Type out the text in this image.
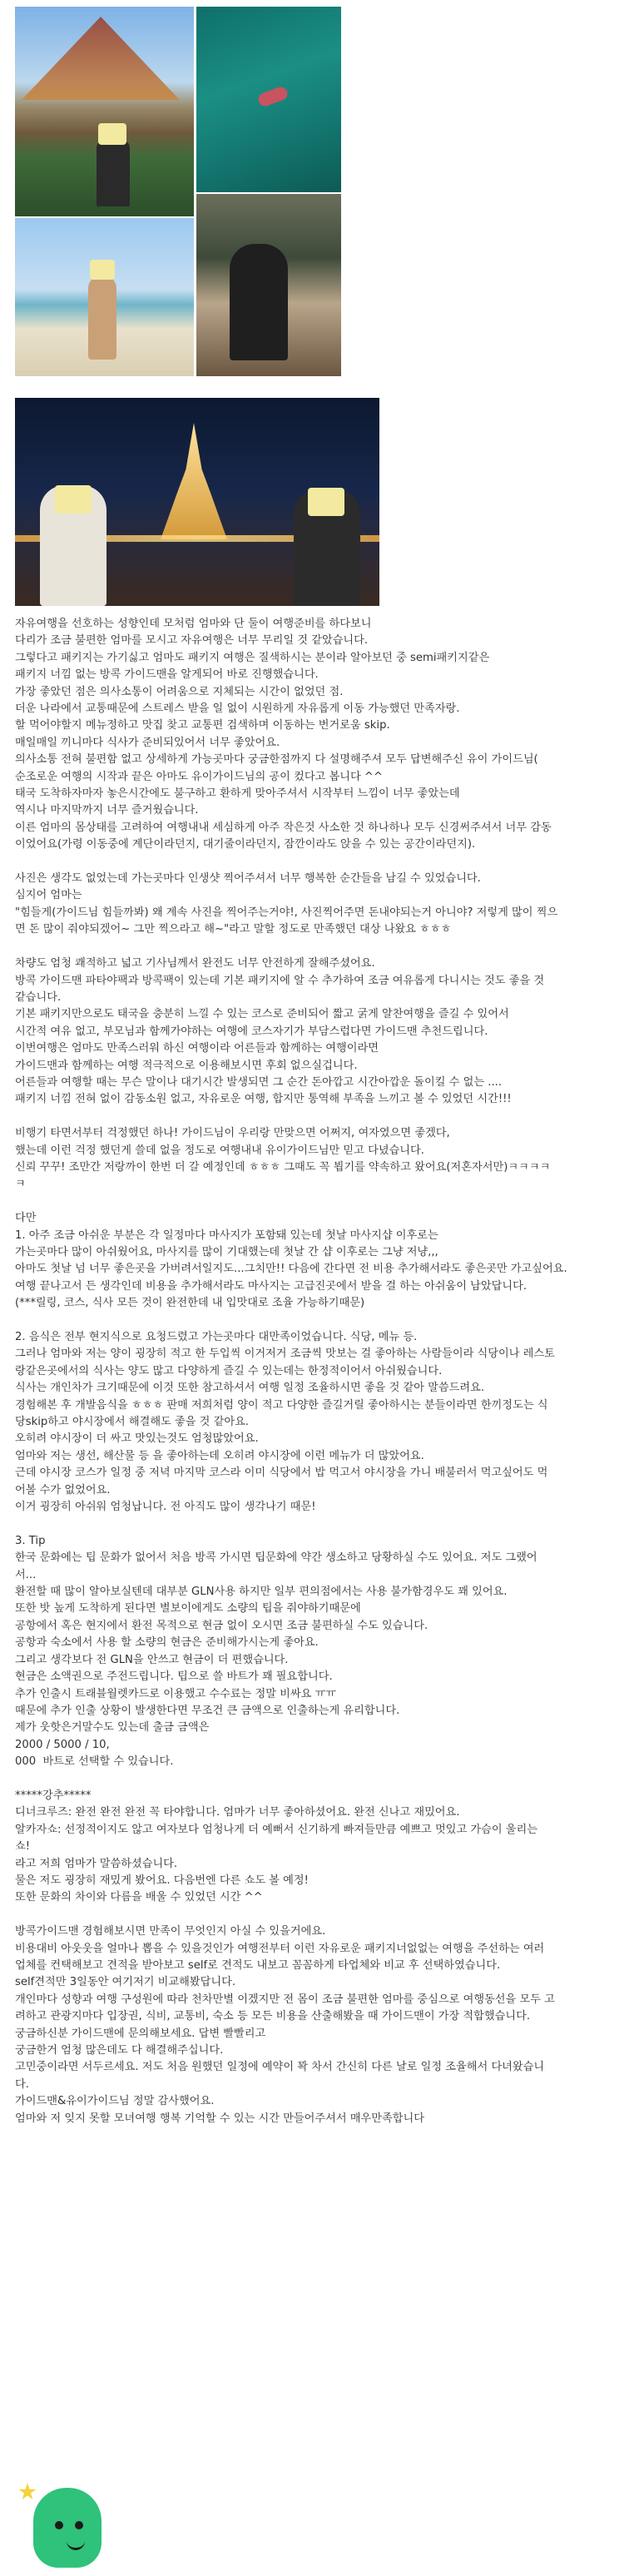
자유여행을 선호하는 성향인데 모처럼 엄마와 단 둘이 여행준비를 하다보니
다리가 조금 불편한 엄마를 모시고 자유여행은 너무 무리일 것 같았습니다.
그렇다고 패키지는 가기싫고 엄마도 패키지 여행은 질색하시는 분이라 알아보던 중 semi패키지같은
패키지 너낌 없는 방콕 가이드맨을 알게되어 바로 진행했습니다.
가장 좋았던 점은 의사소통이 어려움으로 지체되는 시간이 없었던 점.
더운 나라에서 교통때문에 스트레스 받을 일 없이 시원하게 자유롭게 이동 가능했던 만족자랑.
할 먹어야할지 메뉴정하고 맛집 찾고 교통편 검색하며 이동하는 번거로움 skip.
매일매일 끼니마다 식사가 준비되있어서 너무 좋았어요.
의사소통 전혀 불편함 없고 상세하게 가능곳마다 궁금한점까지 다 설명해주셔 모두 답변해주신 유이 가이드님(
순조로운 여행의 시작과 끝은 아마도 유이가이드님의 공이 컸다고 봅니다 ^^
태국 도착하자마자 놓은시간에도 불구하고 환하게 맞아주셔서 시작부터 느낌이 너무 좋았는데
역시나 마지막까지 너무 즐거웠습니다.
이른 엄마의 몸상태를 고려하여 여행내내 세심하게 아주 작은것 사소한 것 하나하나 모두 신경써주셔서 너무 감동
이었어요(가령 이동중에 계단이라던지, 대기줄이라던지, 잠깐이라도 앉을 수 있는 공간이라던지).

사진은 생각도 없었는데 가는곳마다 인생샷 찍어주셔서 너무 행복한 순간들을 남길 수 있었습니다.
심지어 엄마는
"힘들게(가이드님 힘들까봐) 왜 계속 사진을 찍어주는거야!, 사진찍어주면 돈내야되는거 아니야? 저렇게 많이 찍으
면 돈 많이 줘야되겠어~ 그만 찍으라고 해~"라고 말할 정도로 만족했던 대상 나왔요 ㅎㅎㅎ

차량도 엄청 쾌적하고 넓고 기사님께서 완전도 너무 안전하게 잘해주셨어요.
방콕 가이드맨 파타야팩과 방콕팩이 있는데 기본 패키지에 알 수 추가하여 조금 여유롭게 다니시는 것도 좋을 것
같습니다.
기본 패키지만으로도 태국을 충분히 느낄 수 있는 코스로 준비되어 짧고 굵게 알찬여행을 즐길 수 있어서
시간적 여유 없고, 부모님과 함께가야하는 여행에 코스자기가 부담스럽다면 가이드맨 추천드립니다.
이번여행은 엄마도 만족스러워 하신 여행이라 어른들과 함께하는 여행이라면
가이드맨과 함께하는 여행 적극적으로 이용해보시면 후회 없으실겁니다.
어른들과 여행할 때는 무슨 말이나 대기시간 발생되면 그 순간 돈아깝고 시간아깝운 돌이킬 수 없는 ....
패키지 너낌 전혀 없이 감동소원 없고, 자유로운 여행, 합지만 통역해 부족을 느끼고 볼 수 있었던 시간!!!

비행기 타면서부터 걱정했던 하나! 가이드님이 우리랑 만맞으면 어쩌지, 여자였으면 좋겠다,
했는데 이런 걱정 했던게 쓸데 없을 정도로 여행내내 유이가이드님만 믿고 다녔습니다.
신뢰 꾸꾸! 조만간 저랑까이 한번 더 갈 예정인데 ㅎㅎㅎ 그때도 꼭 뵙기를 약속하고 왔어요(저혼자서만)ㅋㅋㅋㅋ
ㅋ

다만
1. 아주 조금 아쉬운 부분은 각 일정마다 마사지가 포함돼 있는데 첫날 마사지샵 이후로는
가는곳마다 많이 아쉬웠어요, 마사지를 많이 기대했는데 첫날 간 샵 이후로는 그냥 저냥,,,
아마도 첫날 넘 너무 좋은곳을 가버려서일지도...그치만!! 다음에 간다면 전 비용 추가해서라도 좋은곳만 가고싶어요.
여행 끝나고서 든 생각인데 비용을 추가해서라도 마사지는 고급진곳에서 받을 걸 하는 아쉬움이 남았답니다.
(***릴링, 코스, 식사 모든 것이 완전한데 내 입맛대로 조율 가능하기때문)

2. 음식은 전부 현지식으로 요청드렸고 가는곳마다 대만족이었습니다. 식당, 메뉴 등.
그러나 엄마와 저는 양이 굉장히 적고 한 두입씩 이거저거 조금씩 맛보는 걸 좋아하는 사람들이라 식당이나 레스토
랑같은곳에서의 식사는 양도 많고 다양하게 즐길 수 있는데는 한정적이어서 아쉬웠습니다.
식사는 개인차가 크기때문에 이것 또한 참고하셔서 여행 일정 조율하시면 좋을 것 같아 말씀드려요.
경험해본 후 개발음식을 ㅎㅎㅎ 판매 저희처럼 양이 적고 다양한 즐길거릴 좋아하시는 분들이라면 한끼정도는 식
당skip하고 야시장에서 해결해도 좋을 것 같아요.
오히려 야시장이 더 싸고 맛있는것도 엄청많았어요.
엄마와 저는 생선, 해산물 등 을 좋아하는데 오히려 야시장에 이런 메뉴가 더 많았어요.
근데 야시장 코스가 일정 중 저녁 마지막 코스라 이미 식당에서 밥 먹고서 야시장을 가니 배불러서 먹고싶어도 먹
어볼 수가 없었어요.
이거 굉장히 아쉬워 엄청납니다. 전 아직도 많이 생각나기 때문!

3. Tip
한국 문화에는 팁 문화가 없어서 처음 방콕 가시면 팁문화에 약간 생소하고 당황하실 수도 있어요. 저도 그랬어
서...
환전할 때 많이 알아보실텐데 대부분 GLN사용 하지만 일부 편의점에서는 사용 불가함경우도 꽤 있어요.
또한 밧 높게 도착하게 된다면 별보이에게도 소량의 팁을 줘야하기때문에
공항에서 혹은 현지에서 환전 목적으로 현금 없이 오시면 조금 불편하실 수도 있습니다.
공항과 숙소에서 사용 할 소량의 현금은 준비해가시는게 좋아요.
그리고 생각보다 전 GLN을 안쓰고 현금이 더 편했습니다.
현금은 소액권으로 주전드립니다. 팁으로 쓸 바트가 꽤 필요합니다.
추가 인출시 트래블월렛카드로 이용했고 수수료는 정말 비싸요 ㅠㅠ
때문에 추가 인출 상황이 발생한다면 무조건 큰 금액으로 인출하는게 유리합니다.
제가 웃핫은거말수도 있는데 출금 금액은
2000 / 5000 / 10,
000  바트로 선택할 수 있습니다.

*****강추*****
디너크루즈: 완전 완전 완전 꼭 타야합니다. 엄마가 너무 좋아하셨어요. 완전 신나고 재밌어요.
알카자쇼: 선정적이지도 않고 여자보다 엄청나게 더 예뻐서 신기하게 빠져들만큼 예쁘고 멋있고 가슴이 울리는
쇼!
라고 저희 엄마가 말씀하셨습니다.
물은 저도 굉장히 재밌게 봤어요. 다음번엔 다른 쇼도 볼 예정!
또한 문화의 차이와 다름을 배울 수 있었던 시간 ^^

방콕가이드맨 경험해보시면 만족이 무엇인지 아실 수 있을거에요.
비용대비 아웃웃을 얼마나 뽑을 수 있을것인가 여행전부터 이런 자유로운 패키지너없없는 여행을 주선하는 여러
업체를 컨택해보고 견적을 받아보고 self로 견적도 내보고 꼼꼼하게 타업체와 비교 후 선택하였습니다.
self견적만 3일동안 여기저기 비교해봤답니다.
개인마다 성향과 여행 구성원에 따라 천차만별 이겠지만 전 몸이 조금 불편한 엄마를 중심으로 여행동선을 모두 고
려하고 관광지마다 입장권, 식비, 교통비, 숙소 등 모든 비용을 산출해봤을 때 가이드맨이 가장 적합했습니다.
궁금하신분 가이드맨에 문의해보세요. 답변 빨빨리고
궁금한거 엄청 많은데도 다 해결해주십니다.
고민중이라면 서두르세요. 저도 처음 원했던 일정에 예약이 꽉 차서 간신히 다른 날로 일정 조율해서 다녀왔습니
다.
가이드맨&유이가이드님 정말 감사했어요.
엄마와 저 잊지 못할 모녀여행 행복 기억할 수 있는 시간 만들어주셔서 매우만족합니다
